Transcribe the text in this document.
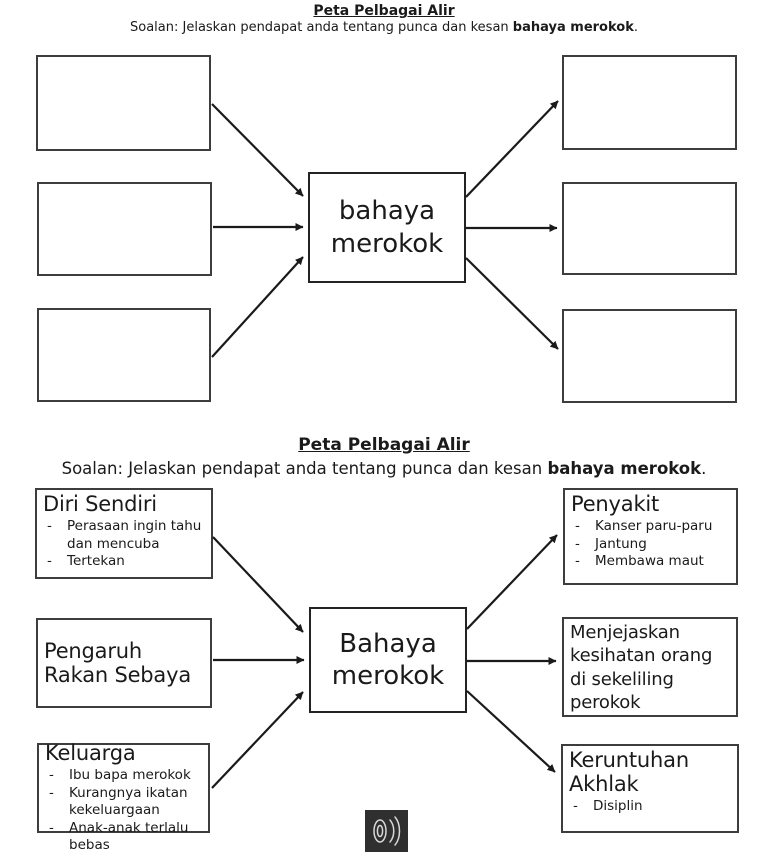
Peta Pelbagai Alir
Soalan: Jelaskan pendapat anda tentang punca dan kesan bahaya merokok.
bahaya merokok
Peta Pelbagai Alir
Soalan: Jelaskan pendapat anda tentang punca dan kesan bahaya merokok.
Diri Sendiri
- Perasaan ingin tahu dan mencuba
- Tertekan
Pengaruh Rakan Sebaya
Keluarga
- Ibu bapa merokok
- Kurangnya ikatan kekeluargaan
- Anak-anak terlalu bebas
Bahaya merokok
Penyakit
- Kanser paru-paru
- Jantung
- Membawa maut
Menjejaskan kesihatan orang di sekeliling perokok
Keruntuhan Akhlak
- Disiplin
